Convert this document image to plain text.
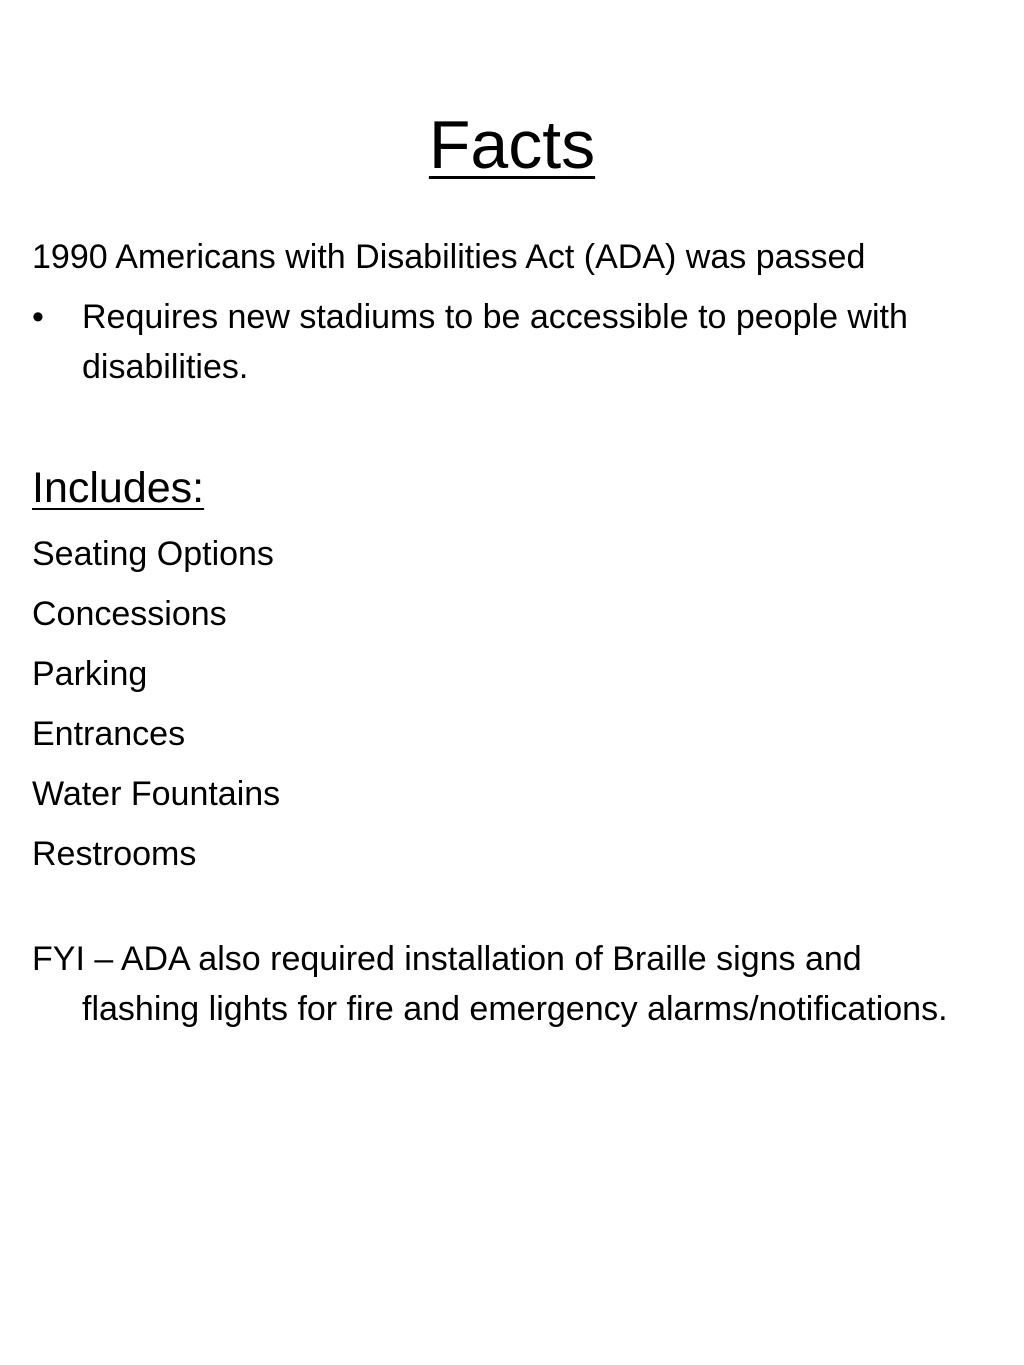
Facts

1990 Americans with Disabilities Act (ADA) was passed

• Requires new stadiums to be accessible to people with disabilities.
Includes:
Seating Options
Concessions
Parking
Entrances
Water Fountains
Restrooms

FYI – ADA also required installation of Braille signs and flashing lights for fire and emergency alarms/notifications.
